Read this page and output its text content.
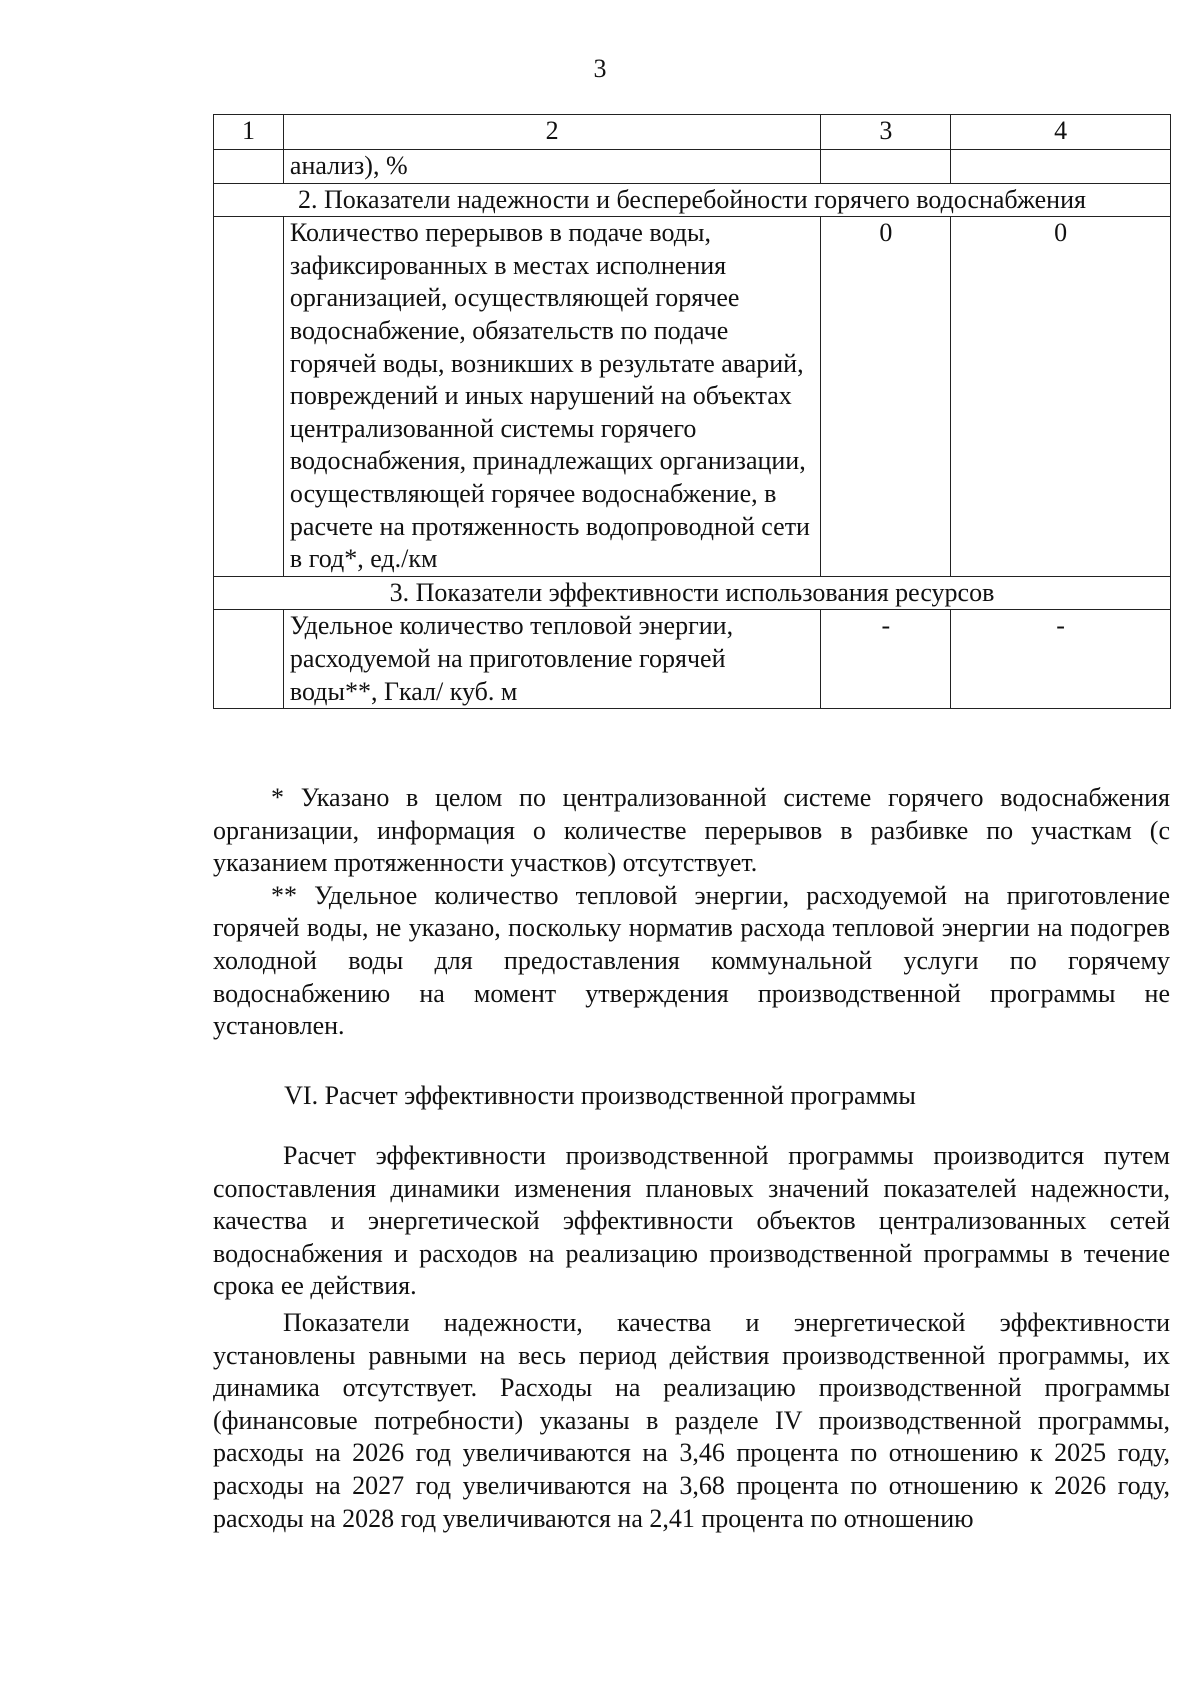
3
1	2	3	4
	анализ), %		
2. Показатели надежности и бесперебойности горячего водоснабжения			
	Количество перерывов в подаче воды, зафиксированных в местах исполнения организацией, осуществляющей горячее водоснабжение, обязательств по подаче горячей воды, возникших в результате аварий, повреждений и иных нарушений на объектах централизованной системы горячего водоснабжения, принадлежащих организации, осуществляющей горячее водоснабжение, в расчете на протяженность водопроводной сети в год*, ед./км	0	0
3. Показатели эффективности использования ресурсов			
	Удельное количество тепловой энергии, расходуемой на приготовление горячей воды**, Гкал/ куб. м	-	-

* Указано в целом по централизованной системе горячего водоснабжения организации, информация о количестве перерывов в разбивке по участкам (с указанием протяженности участков) отсутствует.

** Удельное количество тепловой энергии, расходуемой на приготовление горячей воды, не указано, поскольку норматив расхода тепловой энергии на подогрев холодной воды для предоставления коммунальной услуги по горячему водоснабжению на момент утверждения производственной программы не установлен.

VI. Расчет эффективности производственной программы

Расчет эффективности производственной программы производится путем сопоставления динамики изменения плановых значений показателей надежности, качества и энергетической эффективности объектов централизованных сетей водоснабжения и расходов на реализацию производственной программы в течение срока ее действия.

Показатели надежности, качества и энергетической эффективности установлены равными на весь период действия производственной программы, их динамика отсутствует. Расходы на реализацию производственной программы (финансовые потребности) указаны в разделе IV производственной программы, расходы на 2026 год увеличиваются на 3,46 процента по отношению к 2025 году, расходы на 2027 год увеличиваются на 3,68 процента по отношению к 2026 году, расходы на 2028 год увеличиваются на 2,41 процента по отношению
